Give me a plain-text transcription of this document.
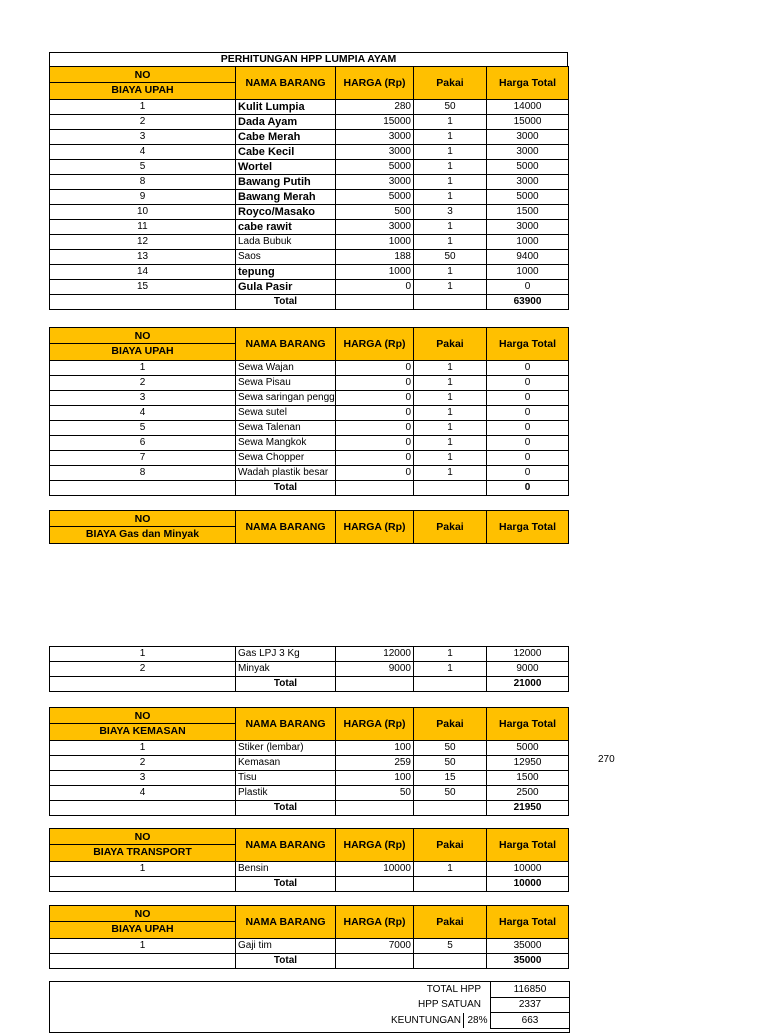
PERHITUNGAN HPP LUMPIA AYAM
NO
BIAYA UPAH	NAMA BARANG	HARGA (Rp)	Pakai	Harga Total
1	Kulit Lumpia	280	50	14000
2	Dada Ayam	15000	1	15000
3	Cabe Merah	3000	1	3000
4	Cabe Kecil	3000	1	3000
5	Wortel	5000	1	5000
8	Bawang Putih	3000	1	3000
9	Bawang Merah	5000	1	5000
10	Royco/Masako	500	3	1500
11	cabe rawit	3000	1	3000
12	Lada Bubuk	1000	1	1000
13	Saos	188	50	9400
14	tepung	1000	1	1000
15	Gula Pasir	0	1	0
	Total			63900
NO
BIAYA UPAH	NAMA BARANG	HARGA (Rp)	Pakai	Harga Total
1	Sewa Wajan	0	1	0
2	Sewa Pisau	0	1	0
3	Sewa saringan pengg	0	1	0
4	Sewa sutel	0	1	0
5	Sewa Talenan	0	1	0
6	Sewa Mangkok	0	1	0
7	Sewa Chopper	0	1	0
8	Wadah plastik besar	0	1	0
	Total			0
NO
BIAYA Gas dan Minyak
	NAMA BARANG	HARGA (Rp)	Pakai	Harga Total
1	Gas LPJ 3 Kg	12000	1	12000
2	Minyak	9000	1	9000
	Total			21000
NO
BIAYA KEMASAN	NAMA BARANG	HARGA (Rp)	Pakai	Harga Total
1	Stiker (lembar)	100	50	5000
2	Kemasan	259	50	12950
3	Tisu	100	15	1500
4	Plastik	50	50	2500
	Total			21950
270
NO
BIAYA TRANSPORT	NAMA BARANG	HARGA (Rp)	Pakai	Harga Total
1	Bensin	10000	1	10000
	Total			10000
NO
BIAYA UPAH	NAMA BARANG	HARGA (Rp)	Pakai	Harga Total
1	Gaji tim	7000	5	35000
	Total			35000
TOTAL HPP	116850
HPP SATUAN	2337
KEUNTUNGAN 28%	663
